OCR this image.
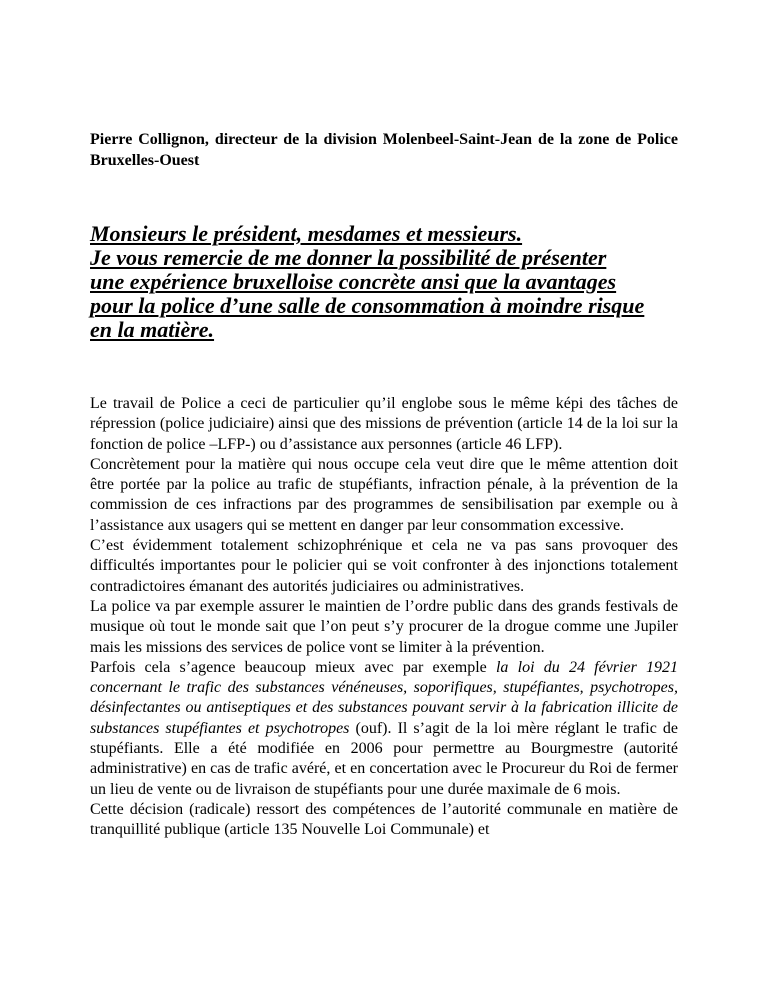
Pierre Collignon, directeur de la division Molenbeel-Saint-Jean de la zone de Police Bruxelles-Ouest
Monsieurs le président, mesdames et messieurs.
Je vous remercie de me donner la possibilité de présenter
une expérience bruxelloise concrète ansi que la avantages
pour la police d’une salle de consommation à moindre risque
en la matière.

Le travail de Police a ceci de particulier qu’il englobe sous le même képi des tâches de répression (police judiciaire) ainsi que des missions de prévention (article 14 de la loi sur la fonction de police –LFP-) ou d’assistance aux personnes (article 46 LFP).

Concrètement pour la matière qui nous occupe cela veut dire que le même attention doit être portée par la police au trafic de stupéfiants, infraction pénale, à la prévention de la commission de ces infractions par des programmes de sensibilisation par exemple ou à l’assistance aux usagers qui se mettent en danger par leur consommation excessive.

C’est évidemment totalement schizophrénique et cela ne va pas sans provoquer des difficultés importantes pour le policier qui se voit confronter à des injonctions totalement contradictoires émanant des autorités judiciaires ou administratives.

La police va par exemple assurer le maintien de l’ordre public dans des grands festivals de musique où tout le monde sait que l’on peut s’y procurer de la drogue comme une Jupiler mais les missions des services de police vont se limiter à la prévention.

Parfois cela s’agence beaucoup mieux avec par exemple la loi du 24 février 1921 concernant le trafic des substances vénéneuses, soporifiques, stupéfiantes, psychotropes, désinfectantes ou antiseptiques et des substances pouvant servir à la fabrication illicite de substances stupéfiantes et psychotropes (ouf). Il s’agit de la loi mère réglant le trafic de stupéfiants. Elle a été modifiée en 2006 pour permettre au Bourgmestre (autorité administrative) en cas de trafic avéré, et en concertation avec le Procureur du Roi de fermer un lieu de vente ou de livraison de stupéfiants pour une durée maximale de 6 mois.

Cette décision (radicale) ressort des compétences de l’autorité communale en matière de tranquillité publique (article 135 Nouvelle Loi Communale) et
